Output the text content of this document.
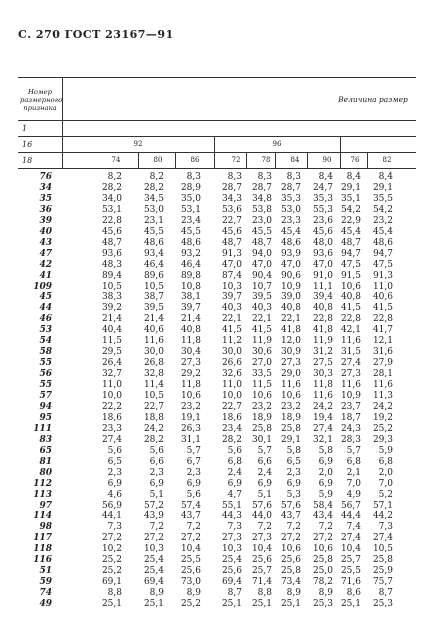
С. 270 ГОСТ 23167—91
Номер размерного признака
Величина размер
1
16
18
92
74	80	86
96
72	78	84	90	76	82
76	8,2	8,2	8,3	8,3	8,3	8,3	8,4	8,4	8,4
34	28,2	28,2	28,9	28,7	28,7 28,7	24,7 29,1	29,1
35	34,0	34,5	35,0	34,3	34,8 35,3	35,3 35,1	35,5
36	53,1	53,0	53,1	53,6	53,8 53,0	55,3 54,2	54,2
39	22,8	23,1	23,4	22,7	23,0 23,3	23,6 22,9	23,2
40	45,6	45,5	45,5	45,6	45,5 45,4	45,6 45,4	45,4
43	48,7	48,6	48,6	48,7	48,7 48,6	48,0 48,7	48,6
47	93,6	93,4	93,2	91,3	94,0 93,9	93,6 94,7	94,7
42	48,3	46,4	46,4	47,0	47,0 47,0	47,0 47,5	47,5
41	89,4	89,6	89,8	87,4	90,4 90,6	91,0 91,5	91,3
109	10,5	10,5	10,8	10,3	10,7 10,9	11,1 10,6	11,0
45	38,3	38,7	38,1	39,7	39,5 39,0	39,4 40,8	40,6
44	39,2	39,5	39,7	40,3	40,3 40,8	40,8 41,5	41,5
46	21,4	21,4	21,4	22,1	22,1 22,1	22,8 22,8	22,8
53	40,4	40,6	40,8	41,5	41,5 41,8	41,8 42,1	41,7
54	11,5	11,6	11,8	11,2	11,9 12,0	11,9 11,6	12,1
58	29,5	30,0	30,4	30,0	30,6 30,9	31,2 31,5	31,6
55	26,4	26,8	27,3	26,6	27,0 27,3	27,5 27,4	27,9
56	32,7	32,8	29,2	32,6	33,5 29,0	30,3 27,3	28,1
55	11,0	11,4	11,8	11,0	11,5 11,6	11,8 11,6	11,6
57	10,0	10,5	10,6	10,0	10,6 10,6	11,6 10,9	11,3
94	22,2	22,7	23,2	22,7	23,2 23,2	24,2 23,7	24,2
95	18,6	18,8	19,1	18,6	18,9 18,9	19,4 18,7	19,2
111	23,3	24,2	26,3	23,4	25,8 25,8	27,4 24,3	25,2
83	27,4	28,2	31,1	28,2	30,1 29,1	32,1 28,3	29,3
65	5,6	5,6	5,7	5,6	5,7	5,8	5,8	5,7	5,9
81	6,5	6,6	6,7	6,8	6,6	6,5	6,9	6,8	6,8
80	2,3	2,3	2,3	2,4	2,4	2,3	2,0	2,1	2,0
112	6,9	6,9	6,9	6,9	6,9	6,9	6,9	7,0	7,0
113	4,6	5,1	5,6	4,7	5,1	5,3	5,9	4,9	5,2
97	56,9	57,2	57,4	55,1	57,6 57,6	58,4 56,7	57,1
114	44,1	43,9	43,7	44,3	44,0 43,7	43,4 44,4	44,2
98	7,3	7,2	7,2	7,3	7,2	7,2	7,2	7,4	7,3
117	27,2	27,2	27,2	27,3	27,3 27,2	27,2 27,4	27,4
118	10,2	10,3	10,4	10,3	10,4 10,6	10,6 10,4	10,5
116	25,2	25,4	25,5	25,4	25,6 25,6	25,8 25,7	25,8
51	25,2	25,4	25,6	25,6	25,7 25,8	25,0 25,5	25,9
59	69,1	69,4	73,0	69,4	71,4 73,4	78,2 71,6	75,7
74	8,8	8,9	8,9	8,7	8,8	8,9	8,9	8,6	8,7
49	25,1	25,1	25,2	25,1	25,1 25,1	25,3 25,1	25,3
